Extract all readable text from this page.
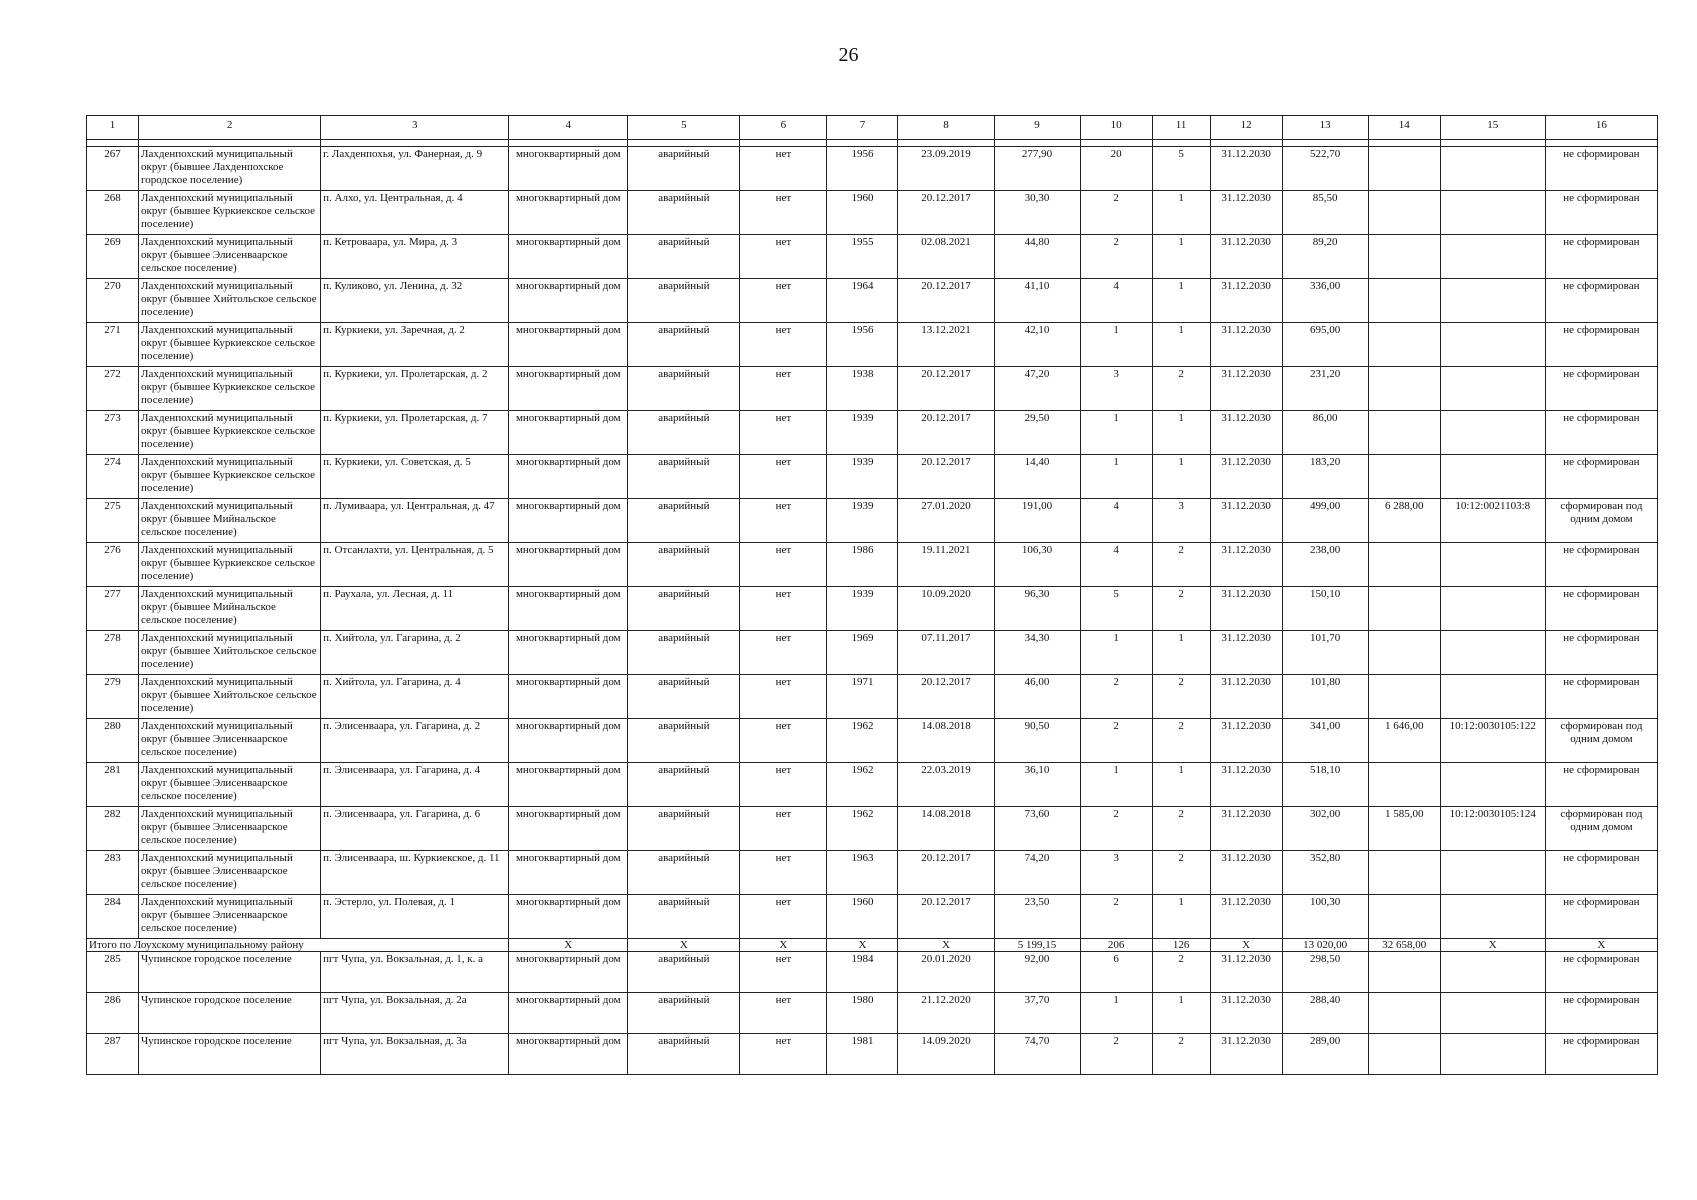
26
1	2	3	4	5	6	7	8	9	10	11	12	13	14	15	16

267	Лахденпохский муниципальный округ (бывшее Лахденпохское городское поселение)	г. Лахденпохья, ул. Фанерная, д. 9	многоквартирный дом	аварийный	нет	1956	23.09.2019	277,90	20	5	31.12.2030	522,70			не сформирован
268	Лахденпохский муниципальный округ (бывшее Куркиекское сельское поселение)	п. Алхо, ул. Центральная, д. 4	многоквартирный дом	аварийный	нет	1960	20.12.2017	30,30	2	1	31.12.2030	85,50			не сформирован
269	Лахденпохский муниципальный округ (бывшее Элисенваарское сельское поселение)	п. Кетроваара, ул. Мира, д. 3	многоквартирный дом	аварийный	нет	1955	02.08.2021	44,80	2	1	31.12.2030	89,20			не сформирован
270	Лахденпохский муниципальный округ (бывшее Хийтольское сельское поселение)	п. Куликово, ул. Ленина, д. 32	многоквартирный дом	аварийный	нет	1964	20.12.2017	41,10	4	1	31.12.2030	336,00			не сформирован
271	Лахденпохский муниципальный округ (бывшее Куркиекское сельское поселение)	п. Куркиеки, ул. Заречная, д. 2	многоквартирный дом	аварийный	нет	1956	13.12.2021	42,10	1	1	31.12.2030	695,00			не сформирован
272	Лахденпохский муниципальный округ (бывшее Куркиекское сельское поселение)	п. Куркиеки, ул. Пролетарская, д. 2	многоквартирный дом	аварийный	нет	1938	20.12.2017	47,20	3	2	31.12.2030	231,20			не сформирован
273	Лахденпохский муниципальный округ (бывшее Куркиекское сельское поселение)	п. Куркиеки, ул. Пролетарская, д. 7	многоквартирный дом	аварийный	нет	1939	20.12.2017	29,50	1	1	31.12.2030	86,00			не сформирован
274	Лахденпохский муниципальный округ (бывшее Куркиекское сельское поселение)	п. Куркиеки, ул. Советская, д. 5	многоквартирный дом	аварийный	нет	1939	20.12.2017	14,40	1	1	31.12.2030	183,20			не сформирован
275	Лахденпохский муниципальный округ (бывшее Мийнальское сельское поселение)	п. Лумиваара, ул. Центральная, д. 47	многоквартирный дом	аварийный	нет	1939	27.01.2020	191,00	4	3	31.12.2030	499,00	6 288,00	10:12:0021103:8	сформирован под одним домом
276	Лахденпохский муниципальный округ (бывшее Куркиекское сельское поселение)	п. Отсанлахти, ул. Центральная, д. 5	многоквартирный дом	аварийный	нет	1986	19.11.2021	106,30	4	2	31.12.2030	238,00			не сформирован
277	Лахденпохский муниципальный округ (бывшее Мийнальское сельское поселение)	п. Раухала, ул. Лесная, д. 11	многоквартирный дом	аварийный	нет	1939	10.09.2020	96,30	5	2	31.12.2030	150,10			не сформирован
278	Лахденпохский муниципальный округ (бывшее Хийтольское сельское поселение)	п. Хийтола, ул. Гагарина, д. 2	многоквартирный дом	аварийный	нет	1969	07.11.2017	34,30	1	1	31.12.2030	101,70			не сформирован
279	Лахденпохский муниципальный округ (бывшее Хийтольское сельское поселение)	п. Хийтола, ул. Гагарина, д. 4	многоквартирный дом	аварийный	нет	1971	20.12.2017	46,00	2	2	31.12.2030	101,80			не сформирован
280	Лахденпохский муниципальный округ (бывшее Элисенваарское сельское поселение)	п. Элисенваара, ул. Гагарина, д. 2	многоквартирный дом	аварийный	нет	1962	14.08.2018	90,50	2	2	31.12.2030	341,00	1 646,00	10:12:0030105:122	сформирован под одним домом
281	Лахденпохский муниципальный округ (бывшее Элисенваарское сельское поселение)	п. Элисенваара, ул. Гагарина, д. 4	многоквартирный дом	аварийный	нет	1962	22.03.2019	36,10	1	1	31.12.2030	518,10			не сформирован
282	Лахденпохский муниципальный округ (бывшее Элисенваарское сельское поселение)	п. Элисенваара, ул. Гагарина, д. 6	многоквартирный дом	аварийный	нет	1962	14.08.2018	73,60	2	2	31.12.2030	302,00	1 585,00	10:12:0030105:124	сформирован под одним домом
283	Лахденпохский муниципальный округ (бывшее Элисенваарское сельское поселение)	п. Элисенваара, ш. Куркиекское, д. 11	многоквартирный дом	аварийный	нет	1963	20.12.2017	74,20	3	2	31.12.2030	352,80			не сформирован
284	Лахденпохский муниципальный округ (бывшее Элисенваарское сельское поселение)	п. Эстерло, ул. Полевая, д. 1	многоквартирный дом	аварийный	нет	1960	20.12.2017	23,50	2	1	31.12.2030	100,30			не сформирован
Итого по Лоухскому муниципальному району			X	X	X	X	X	5 199,15	206	126	X	13 020,00	32 658,00	X	X
285	Чупинское городское поселение	пгт Чупа, ул. Вокзальная, д. 1, к. а	многоквартирный дом	аварийный	нет	1984	20.01.2020	92,00	6	2	31.12.2030	298,50			не сформирован
286	Чупинское городское поселение	пгт Чупа, ул. Вокзальная, д. 2а	многоквартирный дом	аварийный	нет	1980	21.12.2020	37,70	1	1	31.12.2030	288,40			не сформирован
287	Чупинское городское поселение	пгт Чупа, ул. Вокзальная, д. 3а	многоквартирный дом	аварийный	нет	1981	14.09.2020	74,70	2	2	31.12.2030	289,00			не сформирован
